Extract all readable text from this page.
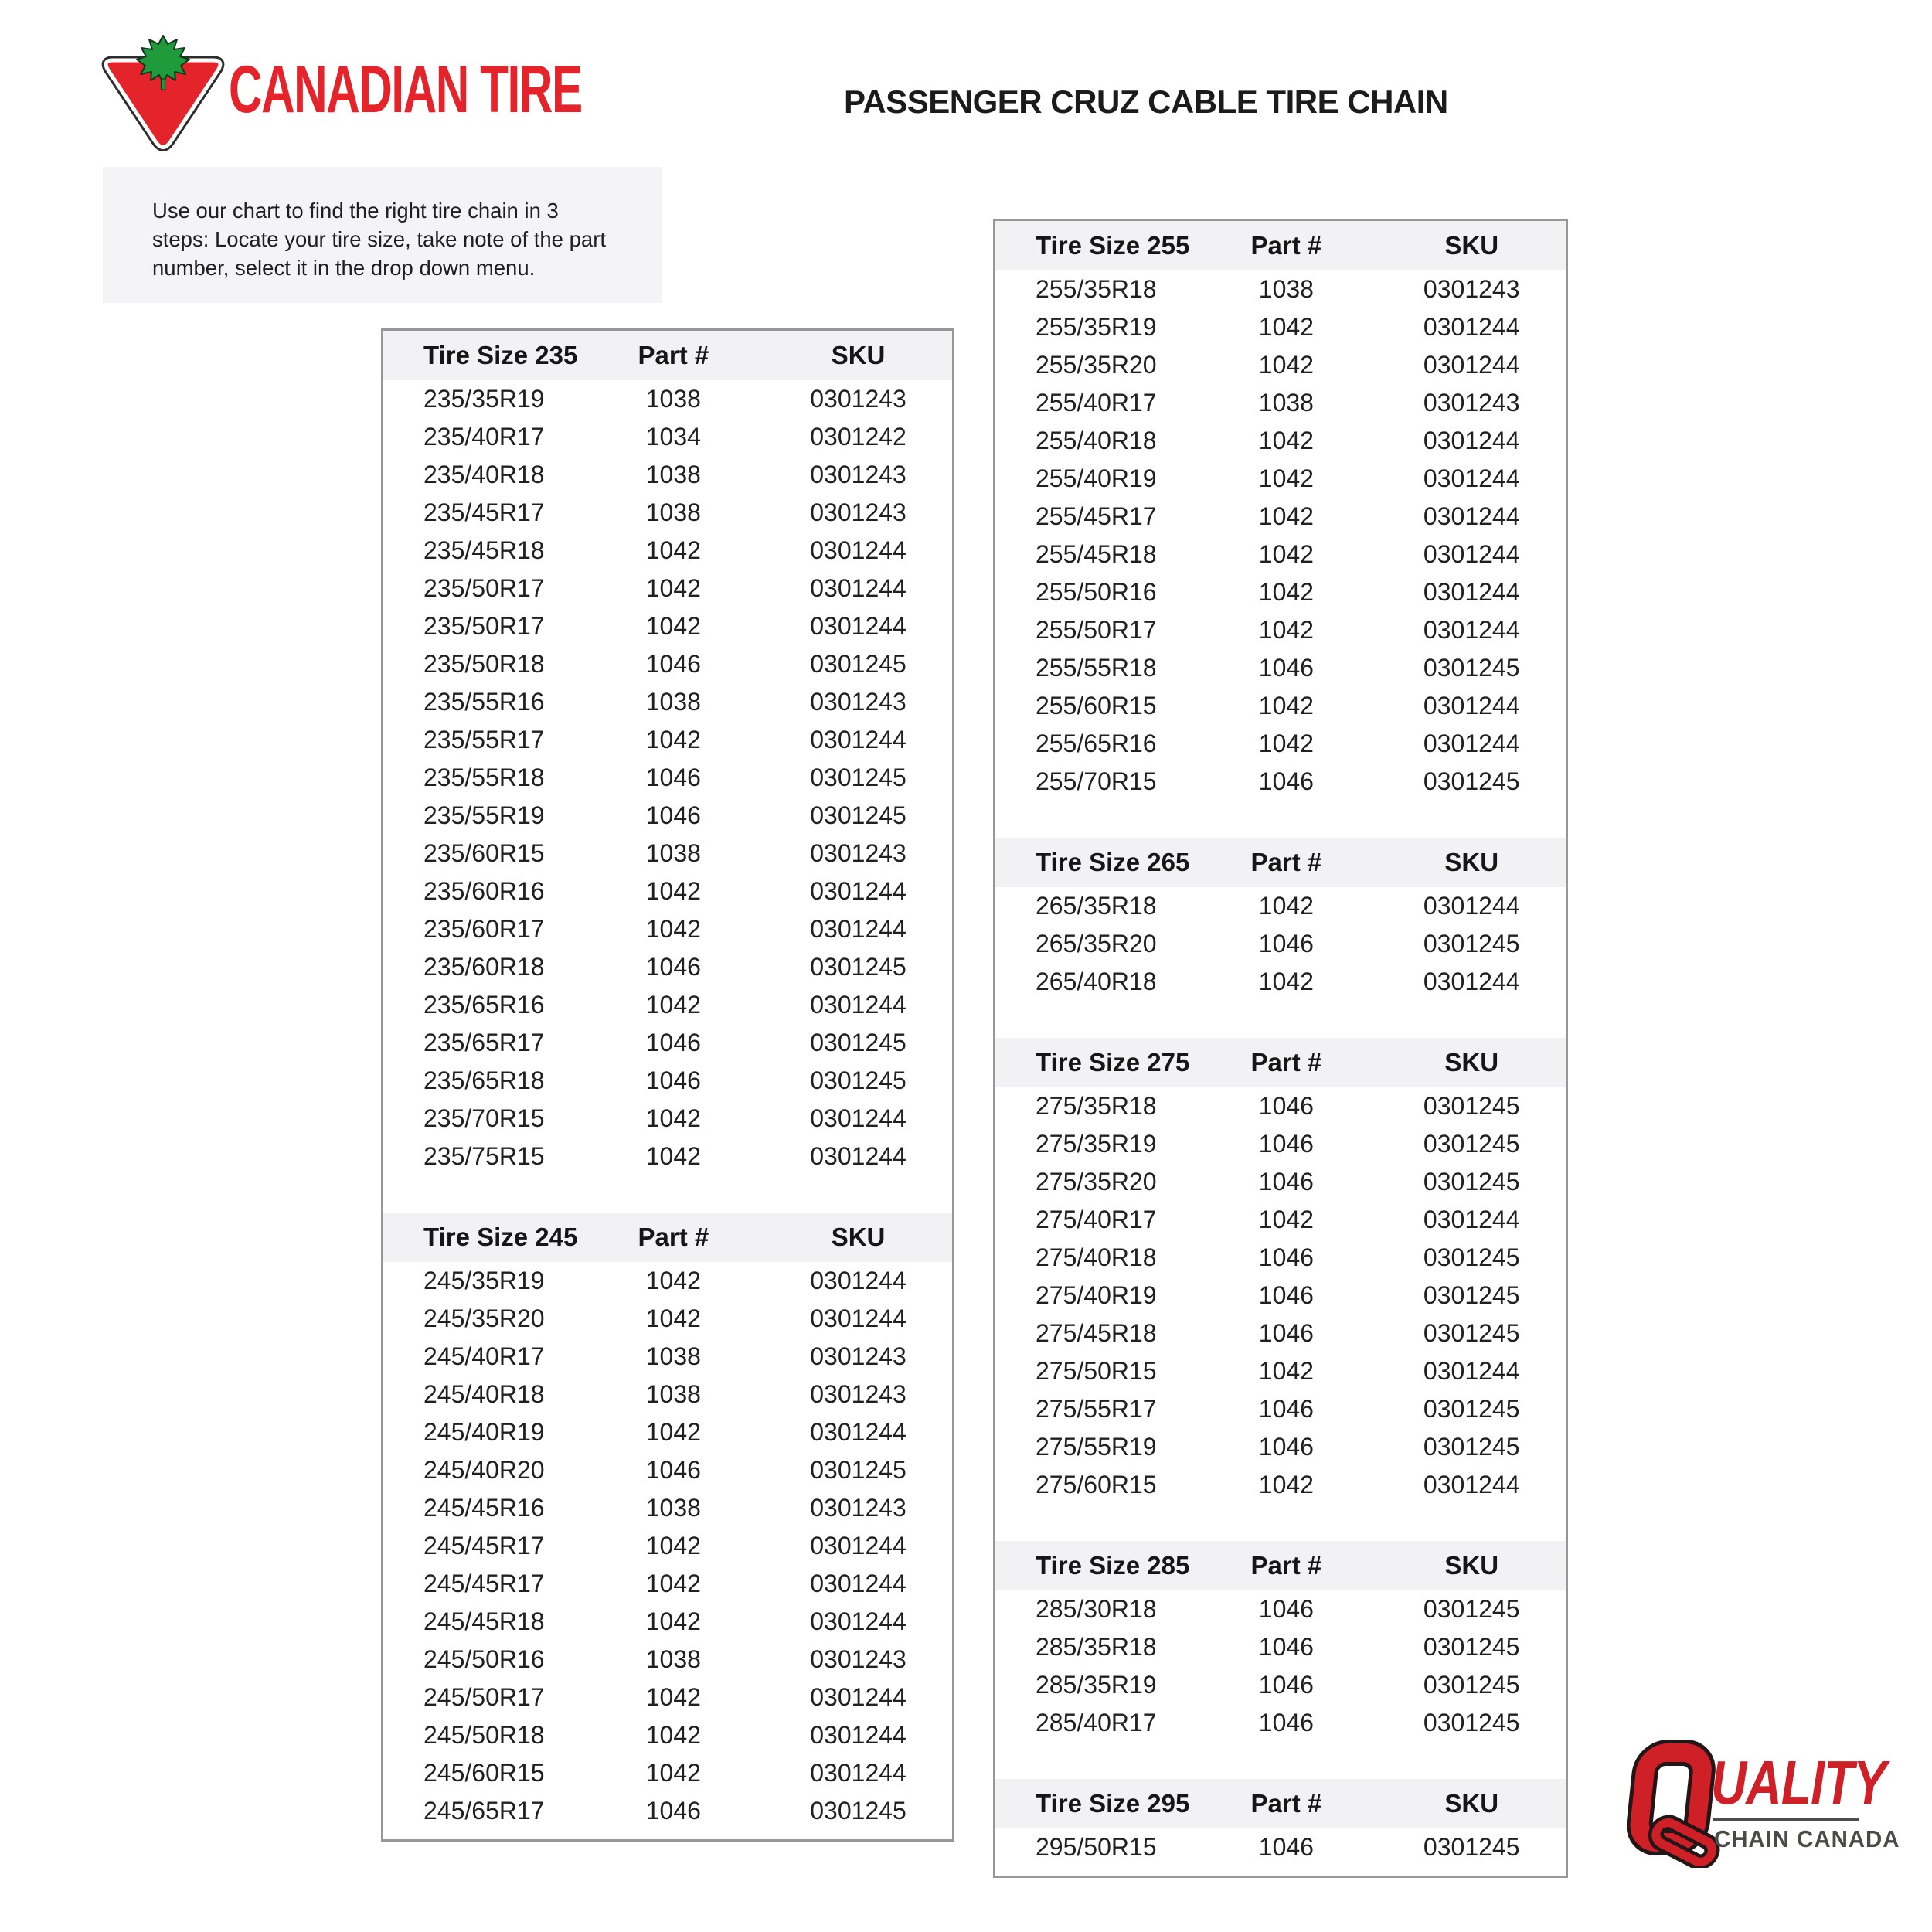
CANADIAN TIRE	PASSENGER CRUZ CABLE TIRE CHAIN

Use our chart to find the right tire chain in 3 steps: Locate your tire size, take note of the part number, select it in the drop down menu.

Tire Size 235	Part #	SKU
235/35R19	1038	0301243
235/40R17	1034	0301242
235/40R18	1038	0301243
235/45R17	1038	0301243
235/45R18	1042	0301244
235/50R17	1042	0301244
235/50R17	1042	0301244
235/50R18	1046	0301245
235/55R16	1038	0301243
235/55R17	1042	0301244
235/55R18	1046	0301245
235/55R19	1046	0301245
235/60R15	1038	0301243
235/60R16	1042	0301244
235/60R17	1042	0301244
235/60R18	1046	0301245
235/65R16	1042	0301244
235/65R17	1046	0301245
235/65R18	1046	0301245
235/70R15	1042	0301244
235/75R15	1042	0301244
Tire Size 245	Part #	SKU
245/35R19	1042	0301244
245/35R20	1042	0301244
245/40R17	1038	0301243
245/40R18	1038	0301243
245/40R19	1042	0301244
245/40R20	1046	0301245
245/45R16	1038	0301243
245/45R17	1042	0301244
245/45R17	1042	0301244
245/45R18	1042	0301244
245/50R16	1038	0301243
245/50R17	1042	0301244
245/50R18	1042	0301244
245/60R15	1042	0301244
245/65R17	1046	0301245
Tire Size 255	Part #	SKU
255/35R18	1038	0301243
255/35R19	1042	0301244
255/35R20	1042	0301244
255/40R17	1038	0301243
255/40R18	1042	0301244
255/40R19	1042	0301244
255/45R17	1042	0301244
255/45R18	1042	0301244
255/50R16	1042	0301244
255/50R17	1042	0301244
255/55R18	1046	0301245
255/60R15	1042	0301244
255/65R16	1042	0301244
255/70R15	1046	0301245
Tire Size 265	Part #	SKU
265/35R18	1042	0301244
265/35R20	1046	0301245
265/40R18	1042	0301244
Tire Size 275	Part #	SKU
275/35R18	1046	0301245
275/35R19	1046	0301245
275/35R20	1046	0301245
275/40R17	1042	0301244
275/40R18	1046	0301245
275/40R19	1046	0301245
275/45R18	1046	0301245
275/50R15	1042	0301244
275/55R17	1046	0301245
275/55R19	1046	0301245
275/60R15	1042	0301244
Tire Size 285	Part #	SKU
285/30R18	1046	0301245
285/35R18	1046	0301245
285/35R19	1046	0301245
285/40R17	1046	0301245
Tire Size 295	Part #	SKU
295/50R15	1046	0301245
UALITY
CHAIN CANADA
